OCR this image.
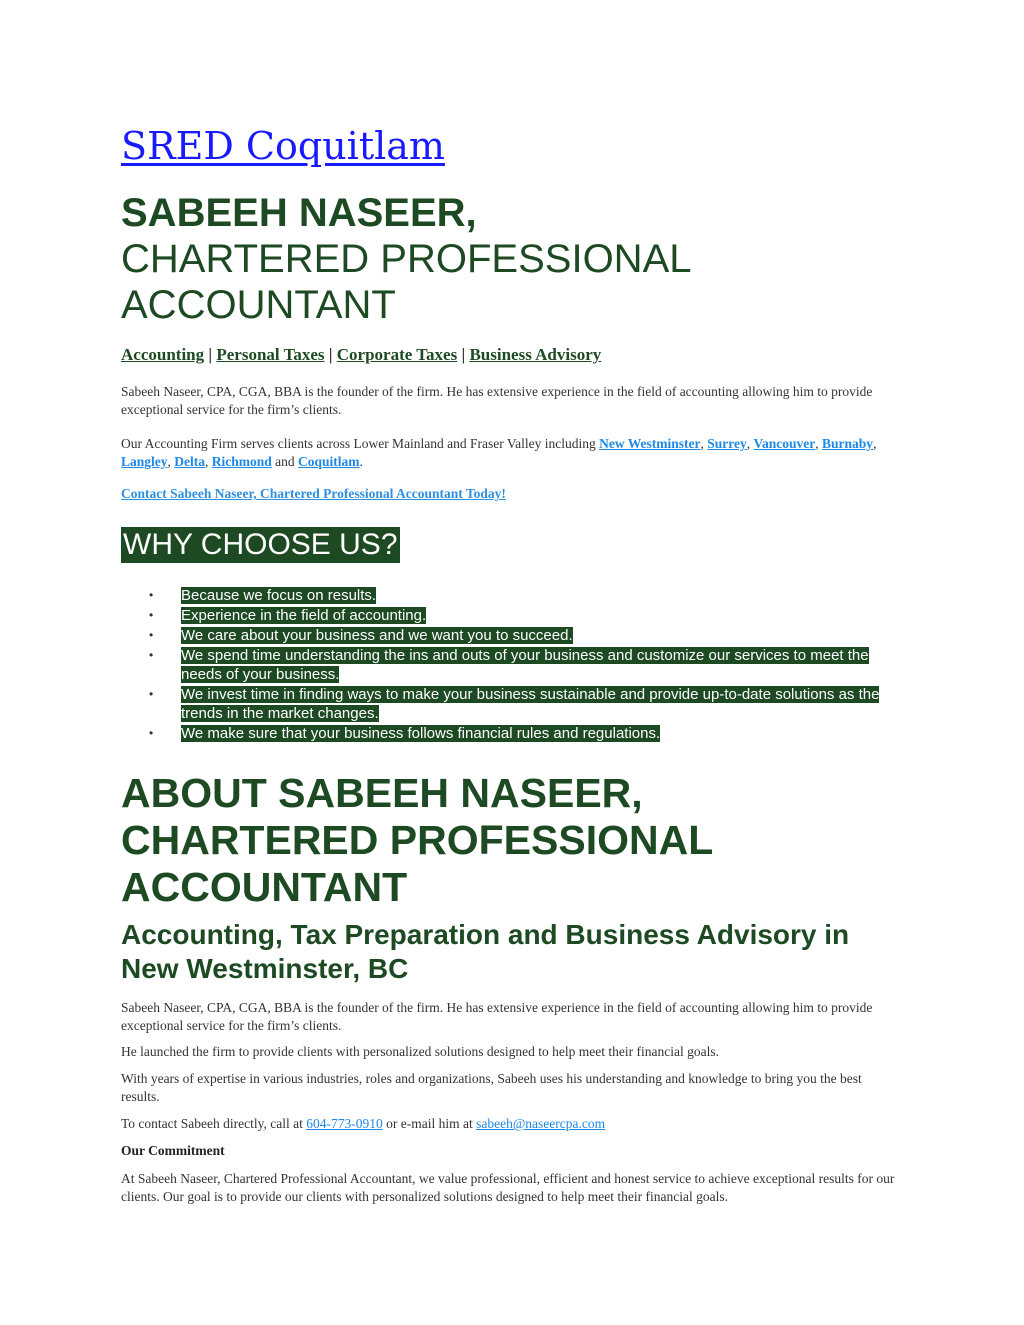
SRED Coquitlam
SABEEH NASEER,
CHARTERED PROFESSIONAL
ACCOUNTANT
Accounting | Personal Taxes | Corporate Taxes | Business Advisory
Sabeeh Naseer, CPA, CGA, BBA is the founder of the firm. He has extensive experience in the field of accounting allowing him to provide exceptional service for the firm’s clients.
Our Accounting Firm serves clients across Lower Mainland and Fraser Valley including New Westminster, Surrey, Vancouver, Burnaby, Langley, Delta, Richmond and Coquitlam.
Contact Sabeeh Naseer, Chartered Professional Accountant Today!
WHY CHOOSE US?
• Because we focus on results.
• Experience in the field of accounting.
• We care about your business and we want you to succeed.
• We spend time understanding the ins and outs of your business and customize our services to meet the needs of your business.
• We invest time in finding ways to make your business sustainable and provide up-to-date solutions as the trends in the market changes.
• We make sure that your business follows financial rules and regulations.
ABOUT SABEEH NASEER,
CHARTERED PROFESSIONAL
ACCOUNTANT
Accounting, Tax Preparation and Business Advisory in New Westminster, BC
Sabeeh Naseer, CPA, CGA, BBA is the founder of the firm. He has extensive experience in the field of accounting allowing him to provide exceptional service for the firm’s clients.
He launched the firm to provide clients with personalized solutions designed to help meet their financial goals.
With years of expertise in various industries, roles and organizations, Sabeeh uses his understanding and knowledge to bring you the best results.
To contact Sabeeh directly, call at 604-773-0910 or e-mail him at sabeeh@naseercpa.com
Our Commitment
At Sabeeh Naseer, Chartered Professional Accountant, we value professional, efficient and honest service to achieve exceptional results for our clients. Our goal is to provide our clients with personalized solutions designed to help meet their financial goals.
